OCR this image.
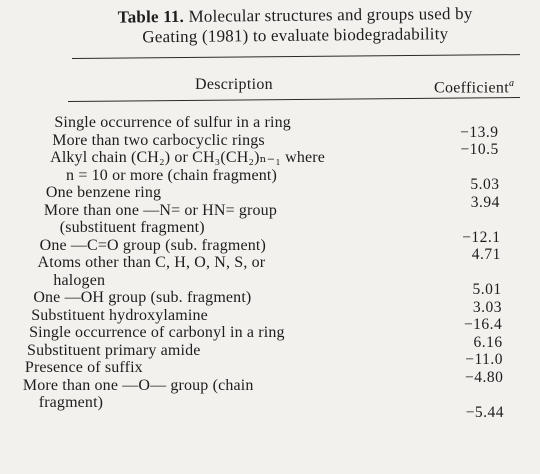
Table 11. Molecular structures and groups used by
Geating (1981) to evaluate biodegradability
Description	Coefficient$^a$
Single occurrence of sulfur in a ring
−13.9
More than two carbocyclic rings
−10.5
Alkyl chain (CH₂) or CH₃(CH₂)ₙ₋₁ where
n = 10 or more (chain fragment)
5.03
One benzene ring
3.94
More than one —N= or HN= group
(substituent fragment)
−12.1
One —C=O group (sub. fragment)
4.71
Atoms other than C, H, O, N, S, or
halogen
5.01
One —OH group (sub. fragment)
3.03
Substituent hydroxylamine
−16.4
Single occurrence of carbonyl in a ring
6.16
Substituent primary amide
−11.0
Presence of suffix
−4.80
More than one —O— group (chain
fragment)
−5.44
